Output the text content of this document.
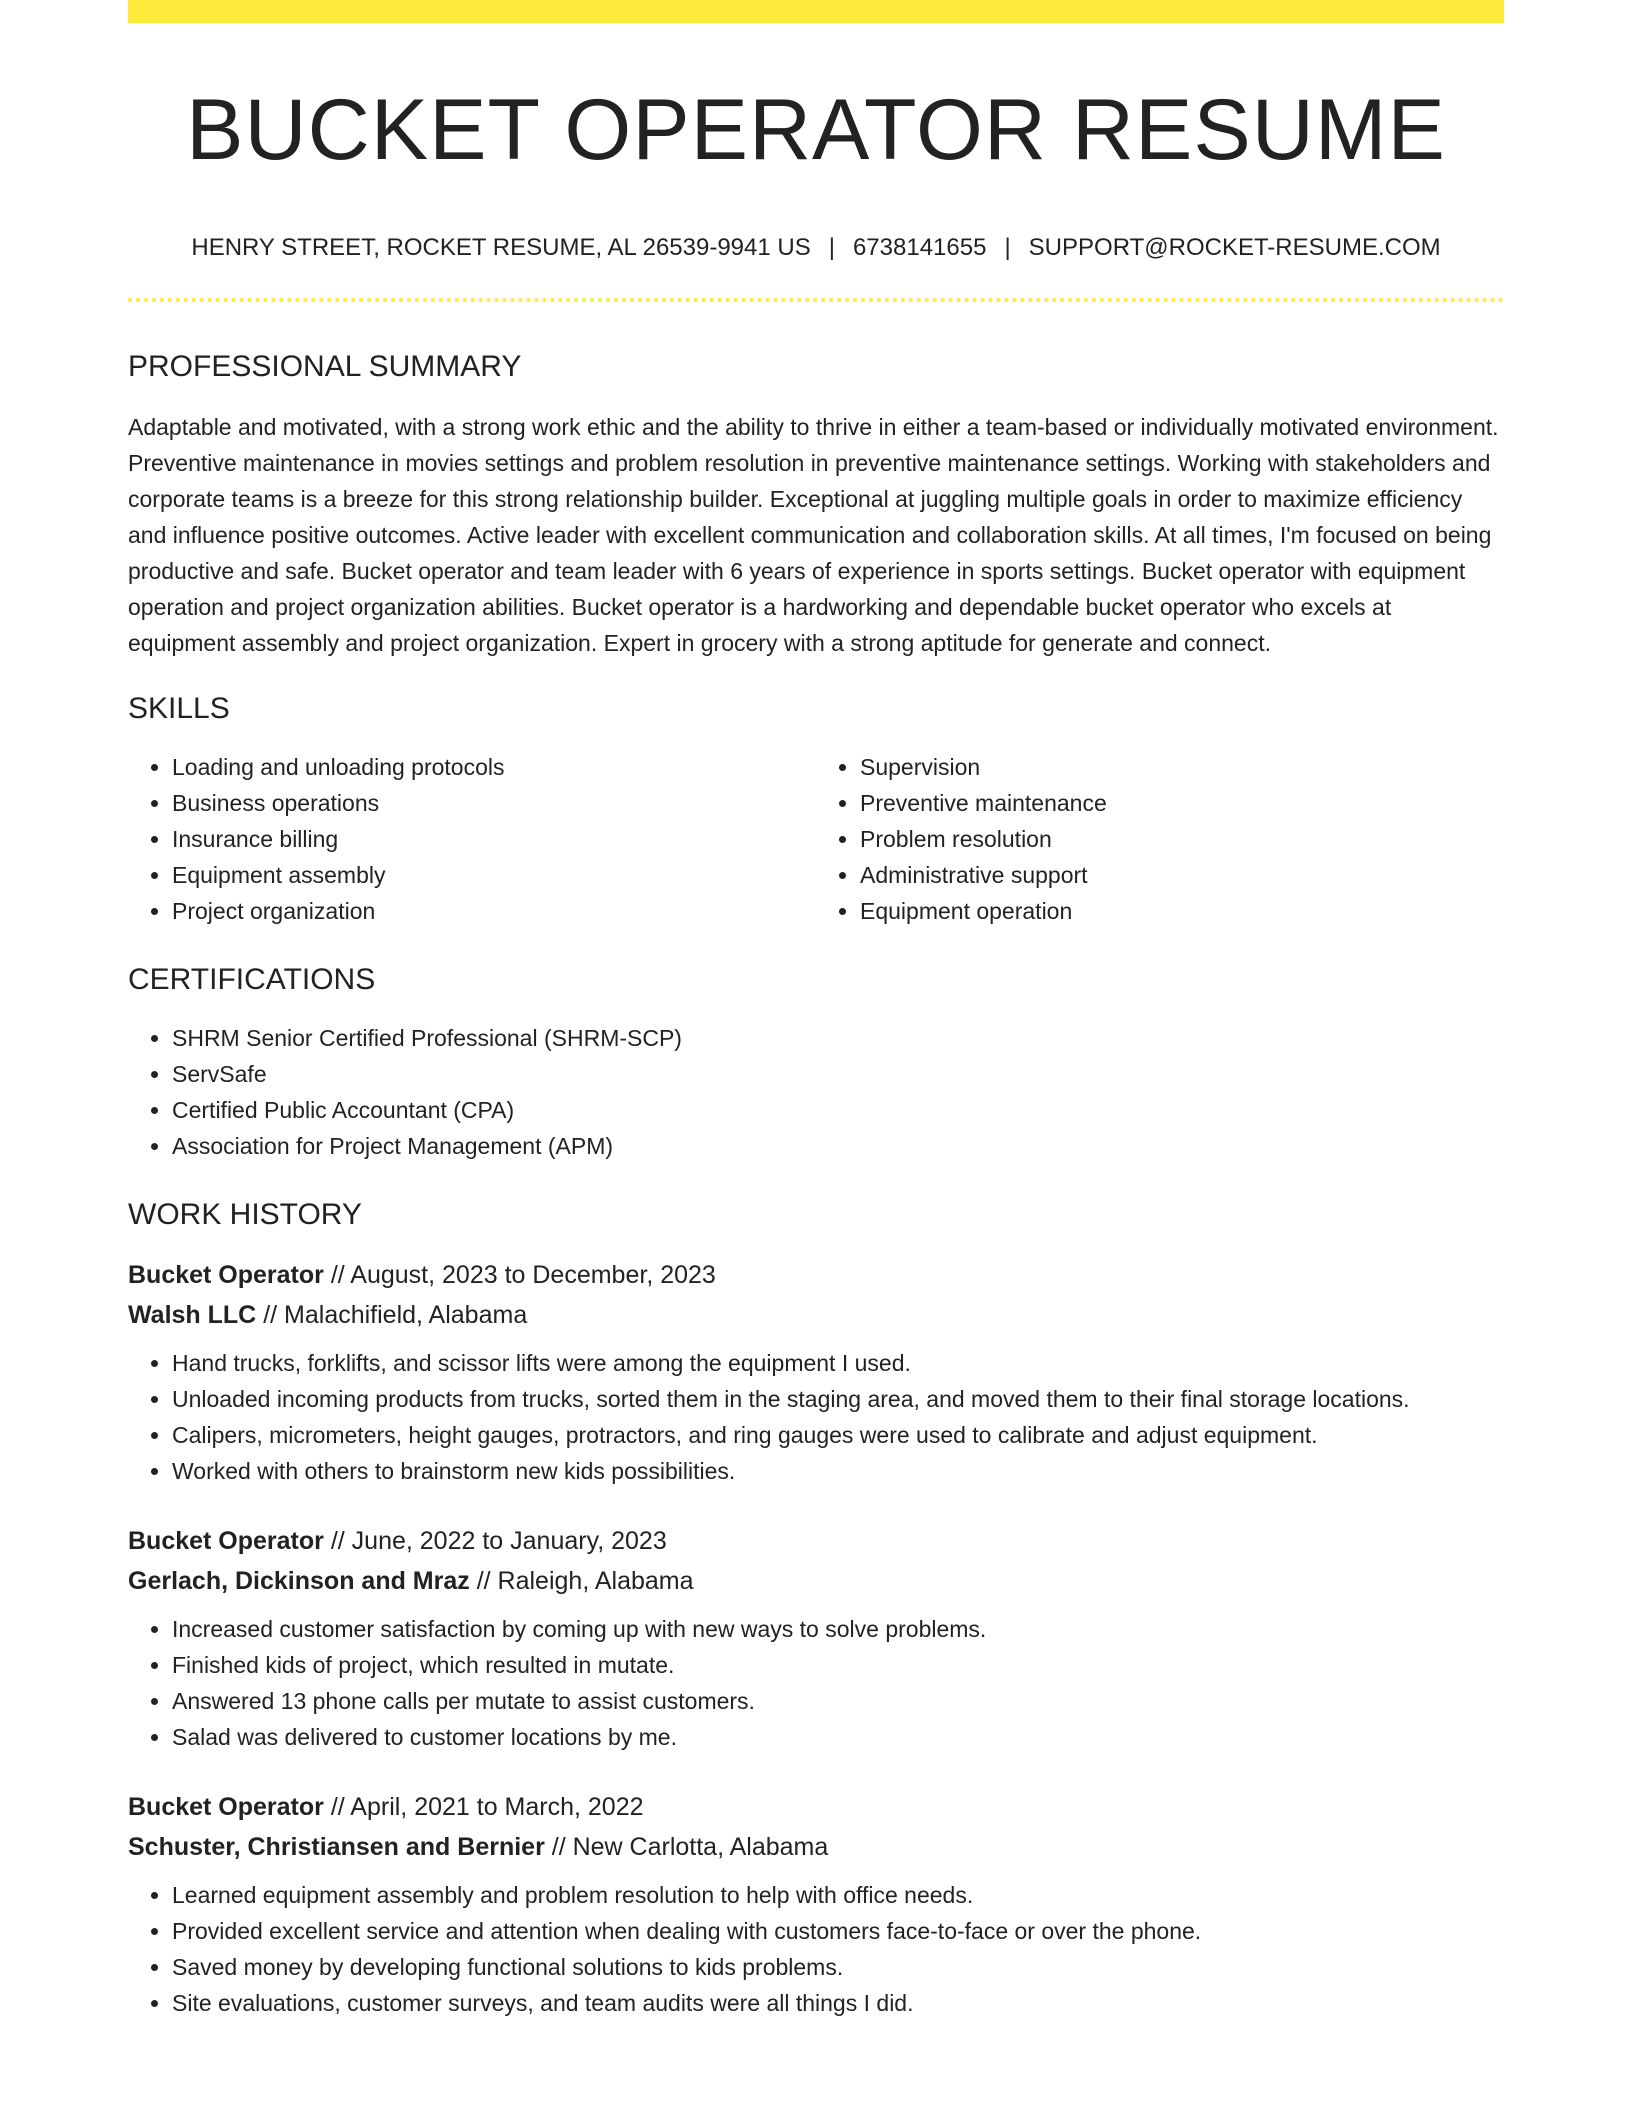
BUCKET OPERATOR RESUME
HENRY STREET, ROCKET RESUME, AL 26539-9941 US | 6738141655 | SUPPORT@ROCKET-RESUME.COM
PROFESSIONAL SUMMARY
Adaptable and motivated, with a strong work ethic and the ability to thrive in either a team-based or individually motivated environment. Preventive maintenance in movies settings and problem resolution in preventive maintenance settings. Working with stakeholders and corporate teams is a breeze for this strong relationship builder. Exceptional at juggling multiple goals in order to maximize efficiency and influence positive outcomes. Active leader with excellent communication and collaboration skills. At all times, I'm focused on being productive and safe. Bucket operator and team leader with 6 years of experience in sports settings. Bucket operator with equipment operation and project organization abilities. Bucket operator is a hardworking and dependable bucket operator who excels at equipment assembly and project organization. Expert in grocery with a strong aptitude for generate and connect.
SKILLS
• Loading and unloading protocols
• Business operations
• Insurance billing
• Equipment assembly
• Project organization
• Supervision
• Preventive maintenance
• Problem resolution
• Administrative support
• Equipment operation
CERTIFICATIONS
• SHRM Senior Certified Professional (SHRM-SCP)
• ServSafe
• Certified Public Accountant (CPA)
• Association for Project Management (APM)
WORK HISTORY
Bucket Operator // August, 2023 to December, 2023
Walsh LLC // Malachifield, Alabama
• Hand trucks, forklifts, and scissor lifts were among the equipment I used.
• Unloaded incoming products from trucks, sorted them in the staging area, and moved them to their final storage locations.
• Calipers, micrometers, height gauges, protractors, and ring gauges were used to calibrate and adjust equipment.
• Worked with others to brainstorm new kids possibilities.
Bucket Operator // June, 2022 to January, 2023
Gerlach, Dickinson and Mraz // Raleigh, Alabama
• Increased customer satisfaction by coming up with new ways to solve problems.
• Finished kids of project, which resulted in mutate.
• Answered 13 phone calls per mutate to assist customers.
• Salad was delivered to customer locations by me.
Bucket Operator // April, 2021 to March, 2022
Schuster, Christiansen and Bernier // New Carlotta, Alabama
• Learned equipment assembly and problem resolution to help with office needs.
• Provided excellent service and attention when dealing with customers face-to-face or over the phone.
• Saved money by developing functional solutions to kids problems.
• Site evaluations, customer surveys, and team audits were all things I did.
